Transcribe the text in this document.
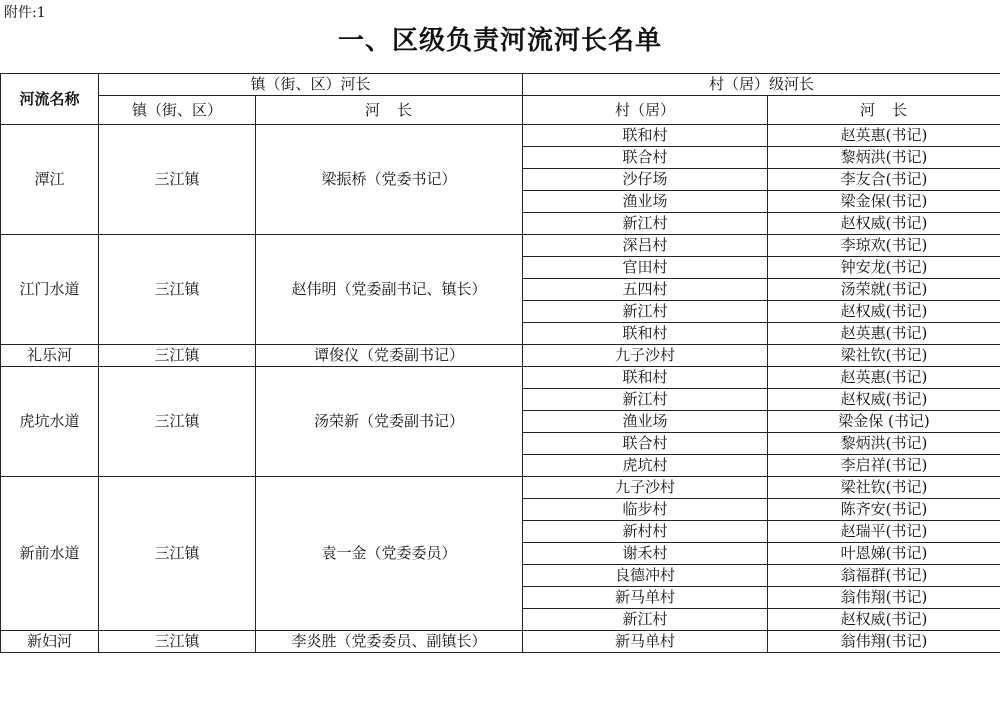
附件:1
一、区级负责河流河长名单
河流名称	镇（街、区）河长		村（居）级河长	
	镇（街、区）	河　长	村（居）	河　长
潭江	三江镇	梁振桥（党委书记）	联和村	赵英惠(书记)
			联合村	黎炳洪(书记)
			沙仔场	李友合(书记)
			渔业场	梁金保(书记)
			新江村	赵权威(书记)
江门水道	三江镇	赵伟明（党委副书记、镇长）	深吕村	李琼欢(书记)
			官田村	钟安龙(书记)
			五四村	汤荣就(书记)
			新江村	赵权威(书记)
			联和村	赵英惠(书记)
礼乐河	三江镇	谭俊仪（党委副书记）	九子沙村	梁社钦(书记)
虎坑水道	三江镇	汤荣新（党委副书记）	联和村	赵英惠(书记)
			新江村	赵权威(书记)
			渔业场	梁金保 (书记)
			联合村	黎炳洪(书记)
			虎坑村	李启祥(书记)
新前水道	三江镇	袁一金（党委委员）	九子沙村	梁社钦(书记)
			临步村	陈齐安(书记)
			新村村	赵瑞平(书记)
			谢禾村	叶恩娣(书记)
			良德冲村	翁福群(书记)
			新马单村	翁伟翔(书记)
			新江村	赵权威(书记)
新妇河	三江镇	李炎胜（党委委员、副镇长）	新马单村	翁伟翔(书记)
